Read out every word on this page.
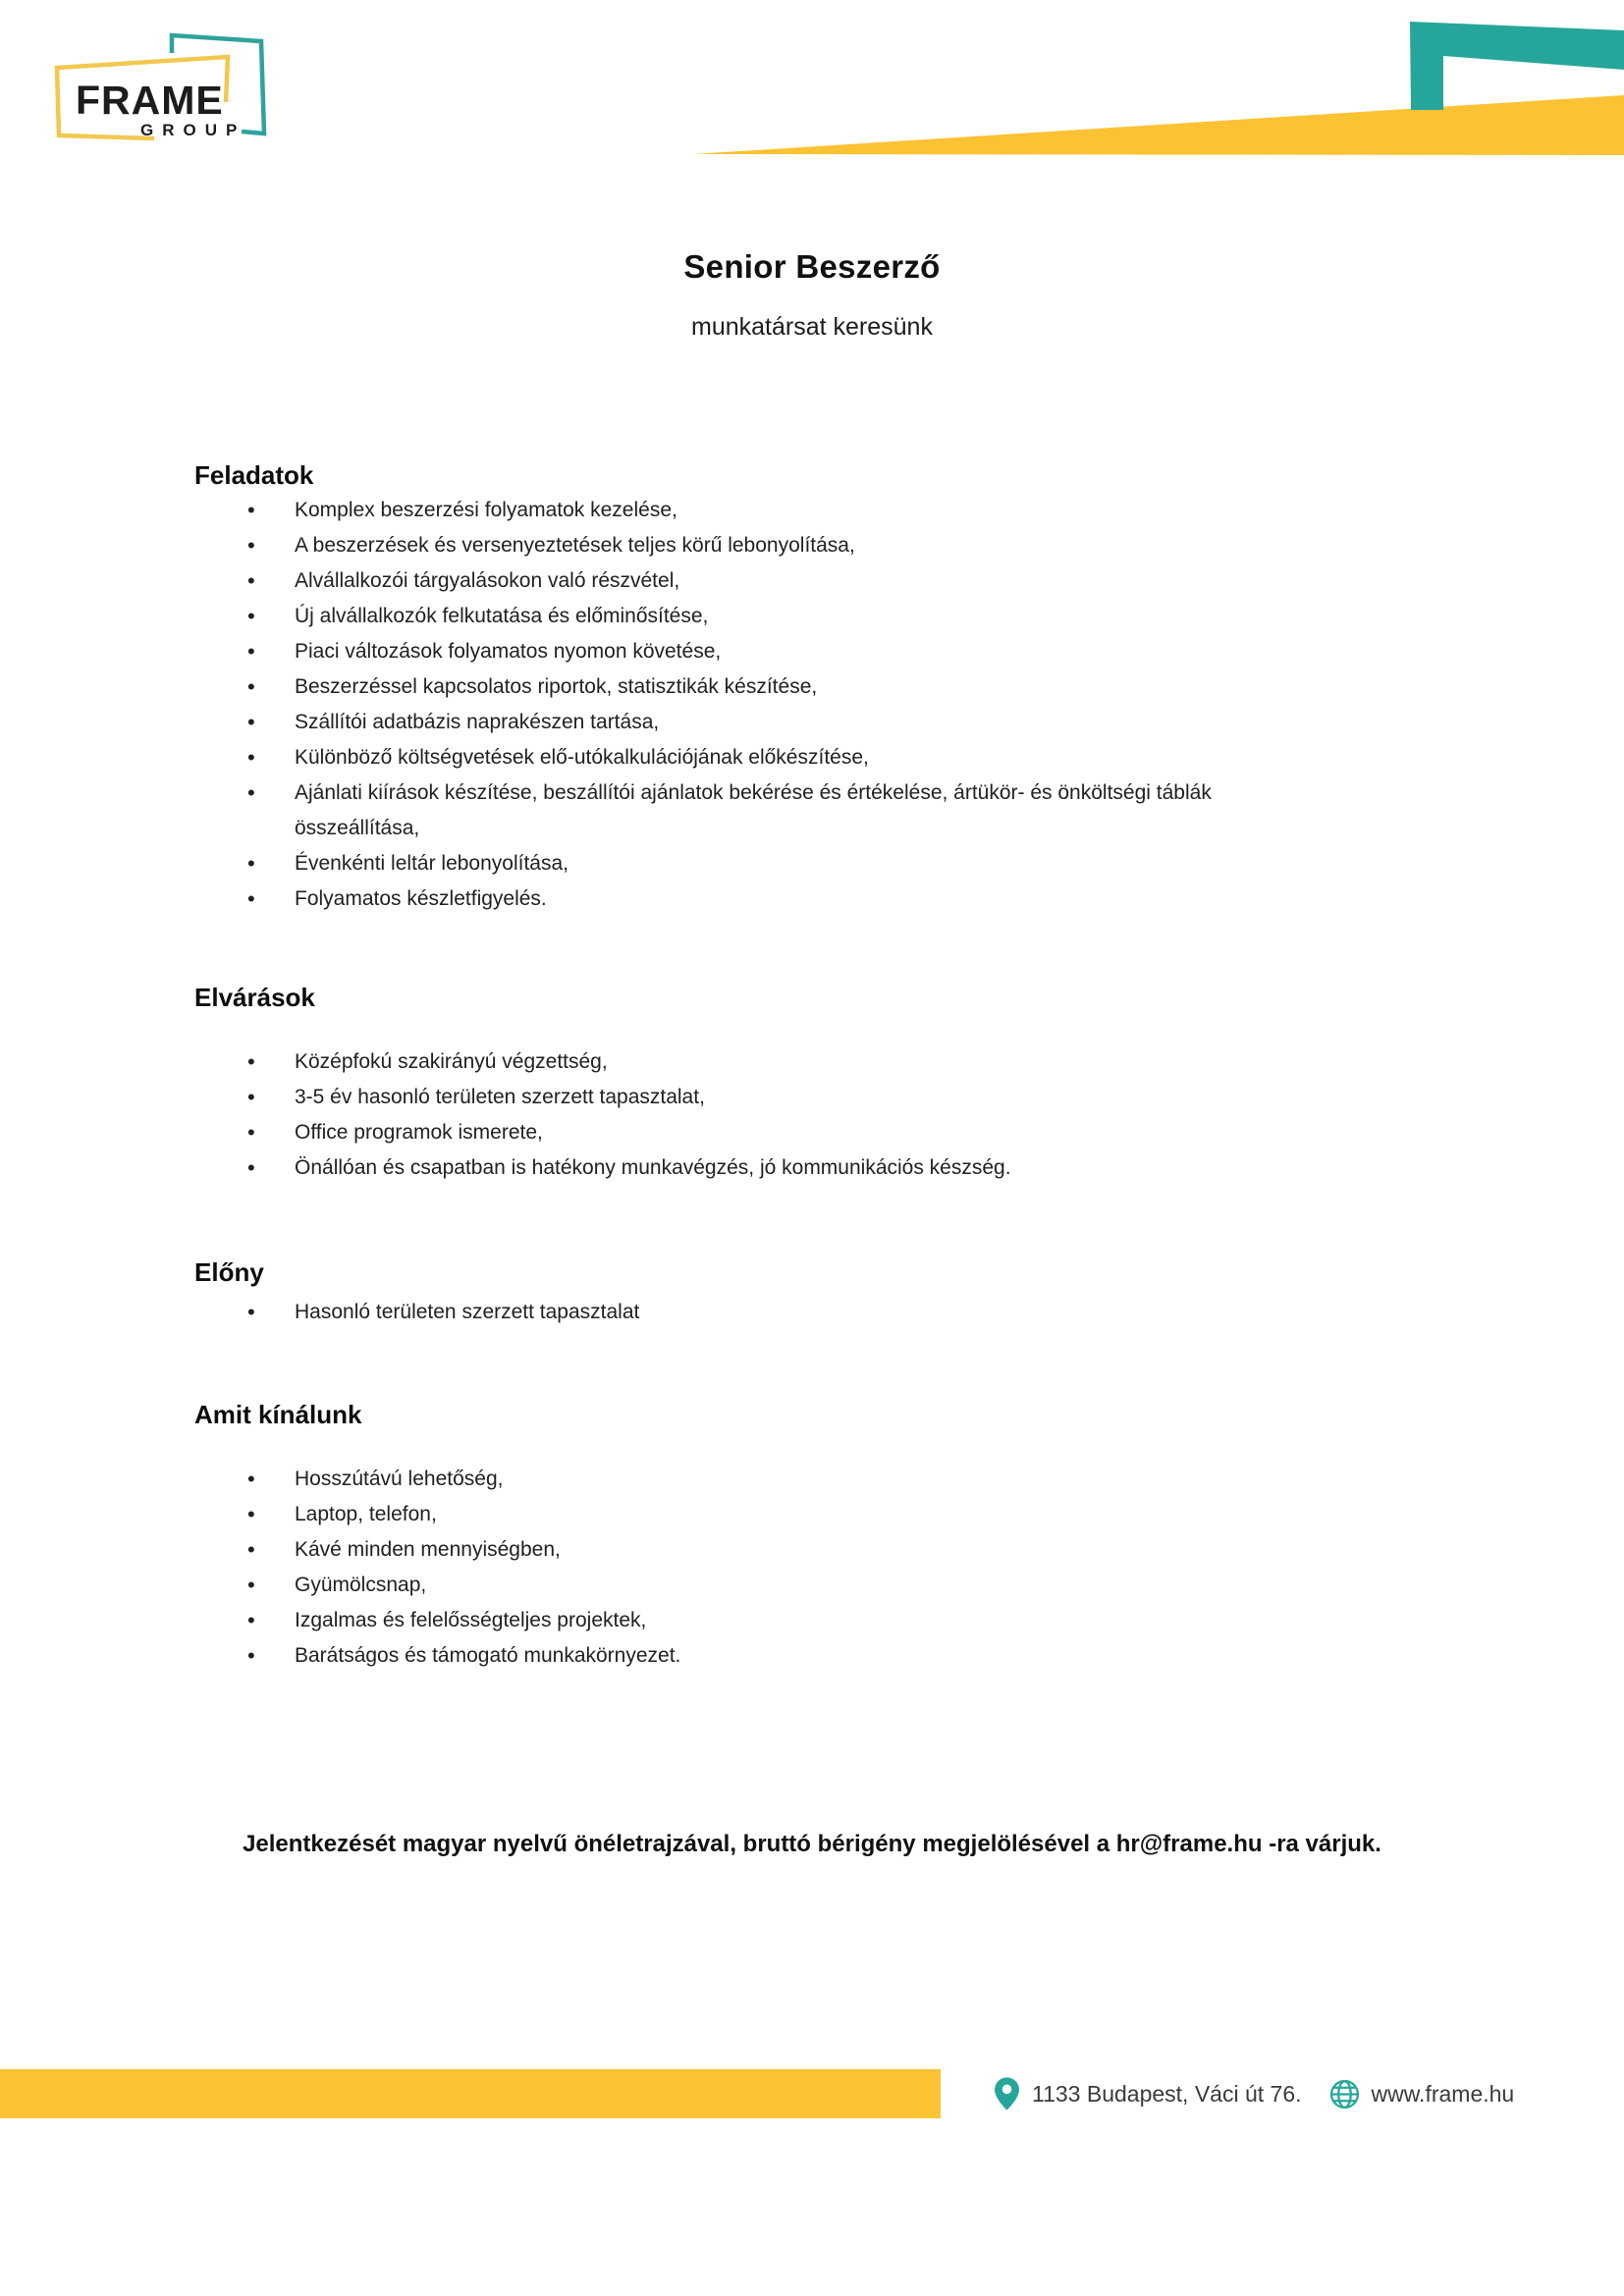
FRAME
GROUP
Senior Beszerző

munkatársat keresünk

Feladatok
• Komplex beszerzési folyamatok kezelése,
• A beszerzések és versenyeztetések teljes körű lebonyolítása,
• Alvállalkozói tárgyalásokon való részvétel,
• Új alvállalkozók felkutatása és előminősítése,
• Piaci változások folyamatos nyomon követése,
• Beszerzéssel kapcsolatos riportok, statisztikák készítése,
• Szállítói adatbázis naprakészen tartása,
• Különböző költségvetések elő-utókalkulációjának előkészítése,
• Ajánlati kiírások készítése, beszállítói ajánlatok bekérése és értékelése, ártükör- és önköltségi táblák összeállítása,
• Évenkénti leltár lebonyolítása,
• Folyamatos készletfigyelés.
Elvárások
• Középfokú szakirányú végzettség,
• 3-5 év hasonló területen szerzett tapasztalat,
• Office programok ismerete,
• Önállóan és csapatban is hatékony munkavégzés, jó kommunikációs készség.
Előny
• Hasonló területen szerzett tapasztalat
Amit kínálunk
• Hosszútávú lehetőség,
• Laptop, telefon,
• Kávé minden mennyiségben,
• Gyümölcsnap,
• Izgalmas és felelősségteljes projektek,
• Barátságos és támogató munkakörnyezet.

Jelentkezését magyar nyelvű önéletrajzával, bruttó bérigény megjelölésével a hr@frame.hu -ra várjuk.

1133 Budapest, Váci út 76.	www.frame.hu
